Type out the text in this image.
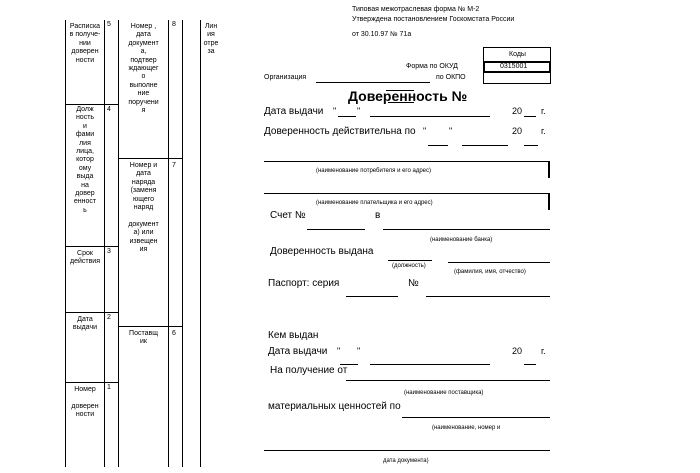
Расписка
в получе-
нии
доверен
ности
5
Долж
ность
и
фами
лия
лица,
котор
ому
выда
на
довер
енност
ь
4
Срок
действия
3
Дата
выдачи
2
Номер

доверен
ности
1
Номер ,
дата
документ
а,
подтвер
ждающег
о
выполне
ние
поручени
я
8
Номер и
дата
наряда
(заменя
ющего
наряд

документ
а) или
извещен
ия
7
Поставщ
ик
6
Лин
ия
отре
за
Типовая межотраслевая форма № М-2
Утверждена постановлением Госкомстата России
от 30.10.97 № 71а
Коды
0315001
Форма по ОКУД
Организация	по ОКПО
Доверенность №
Дата выдачи " "	20 г.
Доверенность действительна по "	"	20 г.
(наименование потребителя и его адрес)
(наименование плательщика и его адрес)
Счет №	в
(наименование банка)
Доверенность выдана
(должность)
(фамилия, имя, отчество)
Паспорт: серия	№
Кем выдан
Дата выдачи " "	20 г.
На получение от
(наименование поставщика)
материальных ценностей по
(наименование, номер и
дата документа)
